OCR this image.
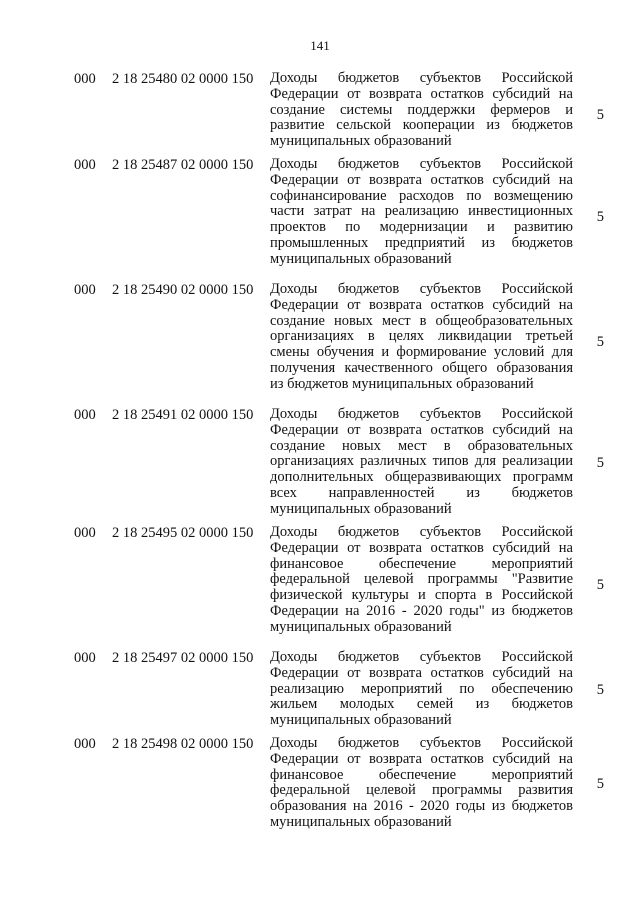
141
000	2 18 25480 02 0000 150	Доходы бюджетов субъектов Российской
Федерации от возврата остатков субсидий на
создание системы поддержки фермеров и
развитие сельской кооперации из бюджетов
муниципальных образований
5
000	2 18 25487 02 0000 150	Доходы бюджетов субъектов Российской
Федерации от возврата остатков субсидий на
софинансирование расходов по возмещению
части затрат на реализацию инвестиционных
проектов по модернизации и развитию
промышленных предприятий из бюджетов
муниципальных образований
5
000	2 18 25490 02 0000 150	Доходы бюджетов субъектов Российской
Федерации от возврата остатков субсидий на
создание новых мест в общеобразовательных
организациях в целях ликвидации третьей
смены обучения и формирование условий для
получения качественного общего образования
из бюджетов муниципальных образований
5
000	2 18 25491 02 0000 150	Доходы бюджетов субъектов Российской
Федерации от возврата остатков субсидий на
создание новых мест в образовательных
организациях различных типов для реализации
дополнительных общеразвивающих программ
всех направленностей из бюджетов
муниципальных образований
5
000	2 18 25495 02 0000 150	Доходы бюджетов субъектов Российской
Федерации от возврата остатков субсидий на
финансовое обеспечение мероприятий
федеральной целевой программы "Развитие
физической культуры и спорта в Российской
Федерации на 2016 - 2020 годы" из бюджетов
муниципальных образований
5
000	2 18 25497 02 0000 150	Доходы бюджетов субъектов Российской
Федерации от возврата остатков субсидий на
реализацию мероприятий по обеспечению
жильем молодых семей из бюджетов
муниципальных образований
5
000	2 18 25498 02 0000 150	Доходы бюджетов субъектов Российской
Федерации от возврата остатков субсидий на
финансовое обеспечение мероприятий
федеральной целевой программы развития
образования на 2016 - 2020 годы из бюджетов
муниципальных образований
5
